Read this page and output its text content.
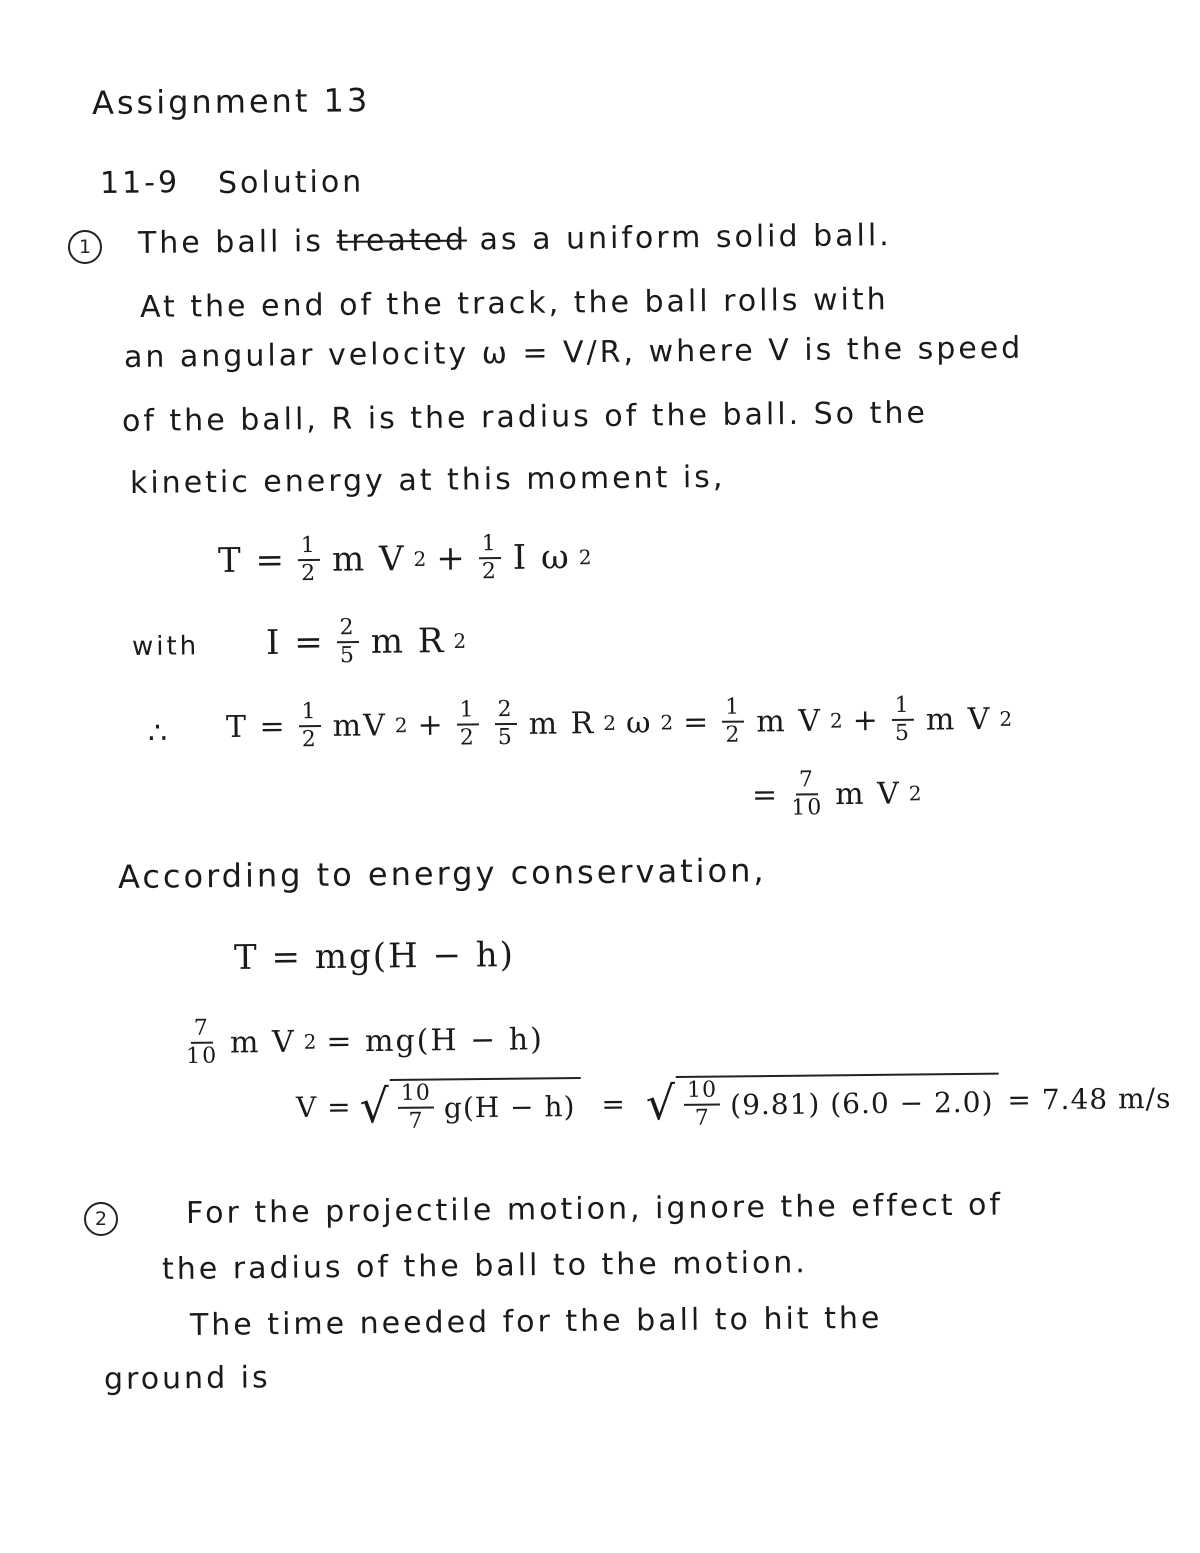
Assignment 13
11-9 Solution
1	The ball is treated as a uniform solid ball.
At the end of the track, the ball rolls with
an angular velocity ω = V/R, where V is the speed
of the ball, R is the radius of the ball. So the
kinetic energy at this moment is,
$T = \frac{1}{2}$ m V $2 + \frac{1}{2}$ I ω 2
with $I = \frac{2}{5}$ m R 2
∴ $T = \frac{1}{2}$ mV $2 + \frac{1}{2} \frac{2}{5}$ m R 2 ω $2 = \frac{1}{2}$ m V $2 + \frac{1}{5}$ m V 2
= $\frac{7}{10}$ m V 2
According to energy conservation,
T = mg(H − h)
$\frac{7}{10}$ m V 2 = mg(H − h)
V = √ $\frac{10}{7} g(H - h)$ = √ $\frac{10}{7} (9.81) (6.0 - 2.0) = 7.48$ m/s
2	For the projectile motion, ignore the effect of
the radius of the ball to the motion.
The time needed for the ball to hit the
ground is
